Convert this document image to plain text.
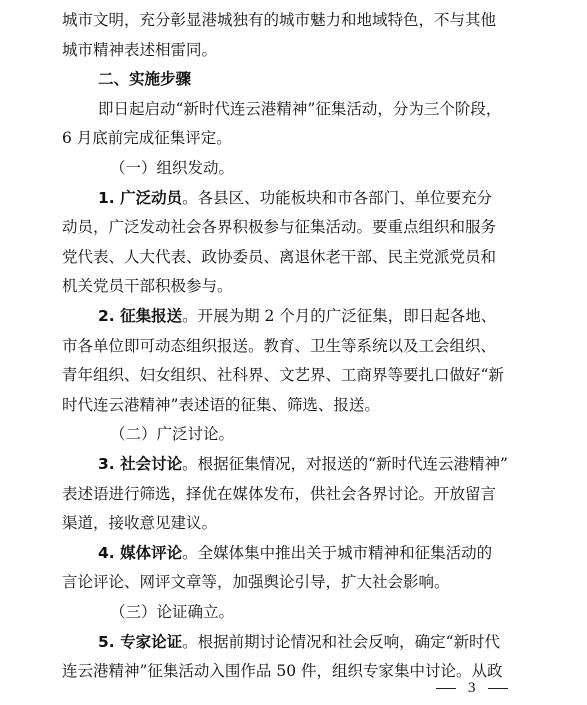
城市文明，充分彰显港城独有的城市魅力和地域特色，不与其他
城市精神表述相雷同。
二、实施步骤
即日起启动“新时代连云港精神”征集活动，分为三个阶段，
6 月底前完成征集评定。
（一）组织发动。
1. 广泛动员。各县区、功能板块和市各部门、单位要充分
动员，广泛发动社会各界积极参与征集活动。要重点组织和服务
党代表、人大代表、政协委员、离退休老干部、民主党派党员和
机关党员干部积极参与。
2. 征集报送。开展为期 2 个月的广泛征集，即日起各地、
市各单位即可动态组织报送。教育、卫生等系统以及工会组织、
青年组织、妇女组织、社科界、文艺界、工商界等要扎口做好“新
时代连云港精神”表述语的征集、筛选、报送。
（二）广泛讨论。
3. 社会讨论。根据征集情况，对报送的“新时代连云港精神”
表述语进行筛选，择优在媒体发布，供社会各界讨论。开放留言
渠道，接收意见建议。
4. 媒体评论。全媒体集中推出关于城市精神和征集活动的
言论评论、网评文章等，加强舆论引导，扩大社会影响。
（三）论证确立。
5. 专家论证。根据前期讨论情况和社会反响，确定“新时代
连云港精神”征集活动入围作品 50 件，组织专家集中讨论。从政
3
